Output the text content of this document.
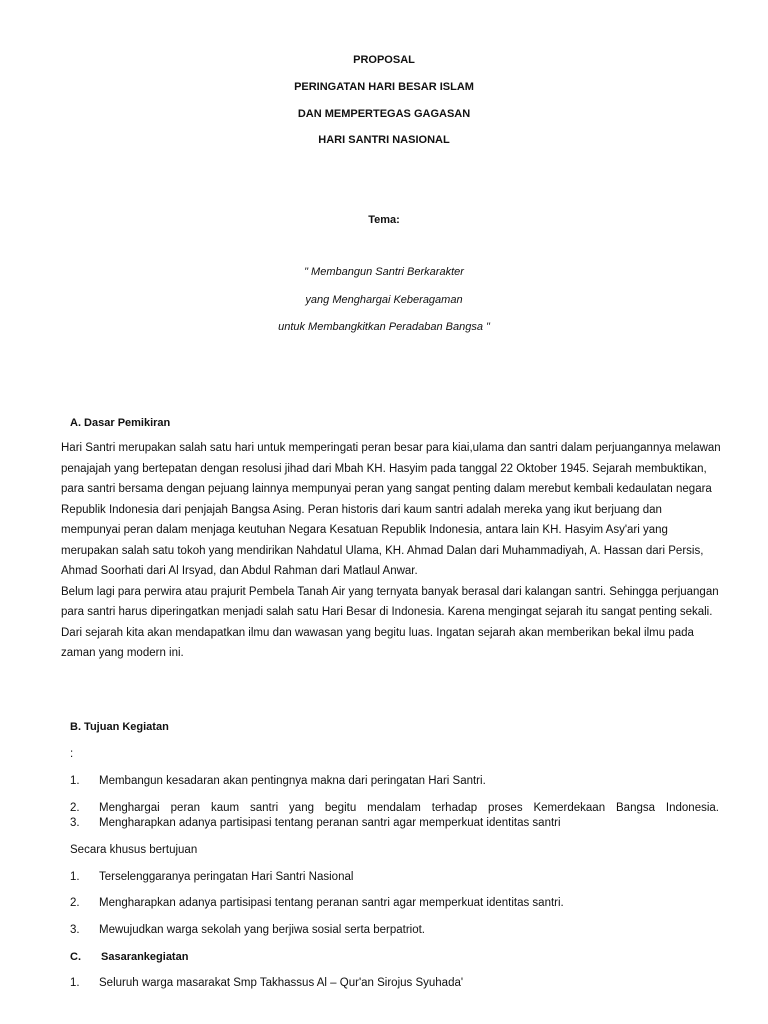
PROPOSAL
PERINGATAN HARI BESAR ISLAM
DAN MEMPERTEGAS GAGASAN
HARI SANTRI NASIONAL
Tema:
" Membangun Santri Berkarakter
yang Menghargai Keberagaman
untuk Membangkitkan Peradaban Bangsa "
A. Dasar Pemikiran

Hari Santri merupakan salah satu hari untuk memperingati peran besar para kiai,ulama dan santri dalam perjuangannya melawan penajajah yang bertepatan dengan resolusi jihad dari Mbah KH. Hasyim pada tanggal 22 Oktober 1945. Sejarah membuktikan, para santri bersama dengan pejuang lainnya mempunyai peran yang sangat penting dalam merebut kembali kedaulatan negara Republik Indonesia dari penjajah Bangsa Asing. Peran historis dari kaum santri adalah mereka yang ikut berjuang dan mempunyai peran dalam menjaga keutuhan Negara Kesatuan Republik Indonesia, antara lain KH. Hasyim Asy'ari yang merupakan salah satu tokoh yang mendirikan Nahdatul Ulama, KH. Ahmad Dalan dari Muhammadiyah, A. Hassan dari Persis, Ahmad Soorhati dari Al Irsyad, dan Abdul Rahman dari Matlaul Anwar.

Belum lagi para perwira atau prajurit Pembela Tanah Air yang ternyata banyak berasal dari kalangan santri. Sehingga perjuangan para santri harus diperingatkan menjadi salah satu Hari Besar di Indonesia. Karena mengingat sejarah itu sangat penting sekali. Dari sejarah kita akan mendapatkan ilmu dan wawasan yang begitu luas. Ingatan sejarah akan memberikan bekal ilmu pada zaman yang modern ini.

B. Tujuan Kegiatan
:
1. Membangun kesadaran akan pentingnya makna dari peringatan Hari Santri.
2. Menghargai peran kaum santri yang begitu mendalam terhadap proses Kemerdekaan Bangsa Indonesia.
3. Mengharapkan adanya partisipasi tentang peranan santri agar memperkuat identitas santri
Secara khusus bertujuan
1. Terselenggaranya peringatan Hari Santri Nasional
2. Mengharapkan adanya partisipasi tentang peranan santri agar memperkuat identitas santri.
3. Mewujudkan warga sekolah yang berjiwa sosial serta berpatriot.
C. Sasarankegiatan
1. Seluruh warga masarakat Smp Takhassus Al – Qur'an Sirojus Syuhada'
